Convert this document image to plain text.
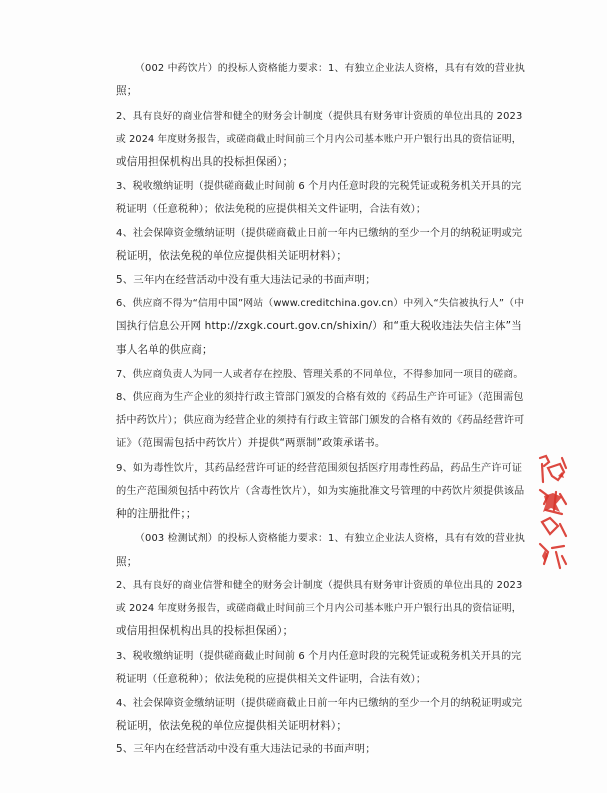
（002 中药饮片）的投标人资格能力要求：1、有独立企业法人资格，具有有效的营业执
照；
2、具有良好的商业信誉和健全的财务会计制度（提供具有财务审计资质的单位出具的 2023
或 2024 年度财务报告，或磋商截止时间前三个月内公司基本账户开户银行出具的资信证明，
或信用担保机构出具的投标担保函）；
3、税收缴纳证明（提供磋商截止时间前 6 个月内任意时段的完税凭证或税务机关开具的完
税证明（任意税种）；依法免税的应提供相关文件证明，合法有效）；
4、社会保障资金缴纳证明（提供磋商截止日前一年内已缴纳的至少一个月的纳税证明或完
税证明，依法免税的单位应提供相关证明材料）；
5、三年内在经营活动中没有重大违法记录的书面声明；
6、供应商不得为“信用中国”网站（www.creditchina.gov.cn）中列入“失信被执行人”（中
国执行信息公开网 http://zxgk.court.gov.cn/shixin/）和“重大税收违法失信主体”当
事人名单的供应商；
7、供应商负责人为同一人或者存在控股、管理关系的不同单位，不得参加同一项目的磋商。
8、供应商为生产企业的须持行政主管部门颁发的合格有效的《药品生产许可证》（范围需包
括中药饮片）；供应商为经营企业的须持有行政主管部门颁发的合格有效的《药品经营许可
证》（范围需包括中药饮片）并提供“两票制”政策承诺书。
9、如为毒性饮片，其药品经营许可证的经营范围须包括医疗用毒性药品，药品生产许可证
的生产范围须包括中药饮片（含毒性饮片），如为实施批准文号管理的中药饮片须提供该品
种的注册批件；；
（003 检测试剂）的投标人资格能力要求：1、有独立企业法人资格，具有有效的营业执
照；
2、具有良好的商业信誉和健全的财务会计制度（提供具有财务审计资质的单位出具的 2023
或 2024 年度财务报告，或磋商截止时间前三个月内公司基本账户开户银行出具的资信证明，
或信用担保机构出具的投标担保函）；
3、税收缴纳证明（提供磋商截止时间前 6 个月内任意时段的完税凭证或税务机关开具的完
税证明（任意税种）；依法免税的应提供相关文件证明，合法有效）；
4、社会保障资金缴纳证明（提供磋商截止日前一年内已缴纳的至少一个月的纳税证明或完
税证明，依法免税的单位应提供相关证明材料）；
5、三年内在经营活动中没有重大违法记录的书面声明；
